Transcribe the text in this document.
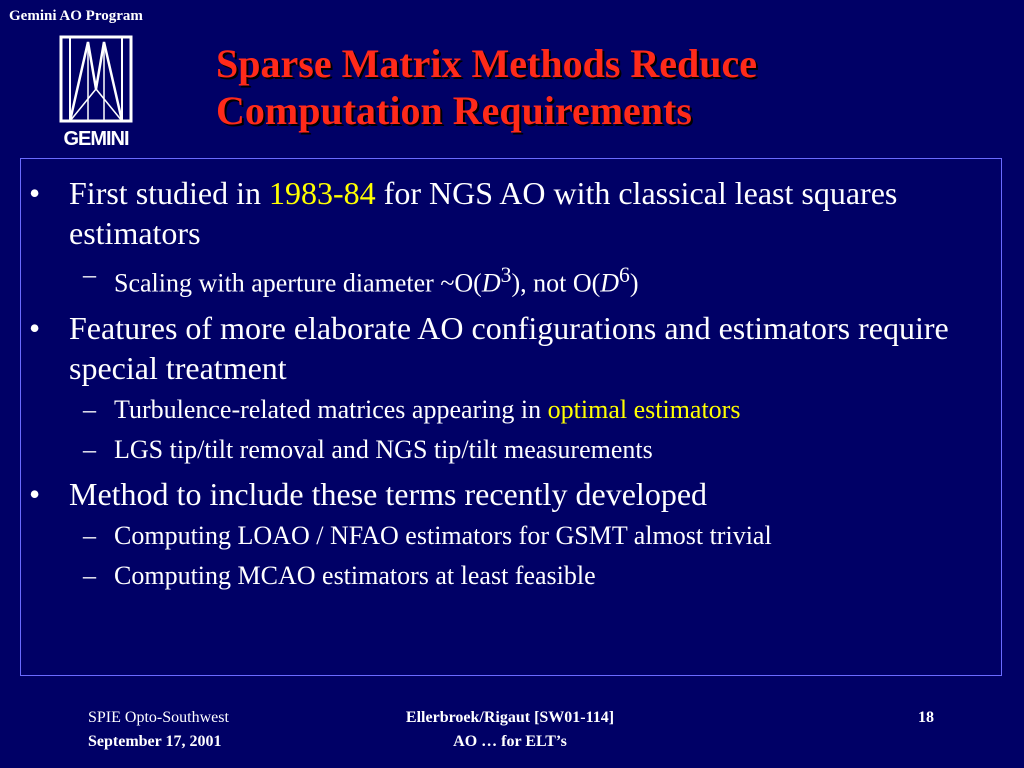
Gemini AO Program
GEMINI
Sparse Matrix Methods Reduce
Computation Requirements
• First studied in 1983-84 for NGS AO with classical least squares estimators
– Scaling with aperture diameter $\sim O(D^3)$, not $O(D^6)$
• Features of more elaborate AO configurations and estimators require special treatment
– Turbulence-related matrices appearing in optimal estimators
– LGS tip/tilt removal and NGS tip/tilt measurements
• Method to include these terms recently developed
– Computing LOAO / NFAO estimators for GSMT almost trivial
– Computing MCAO estimators at least feasible
SPIE Opto-Southwest
September 17, 2001
Ellerbroek/Rigaut [SW01-114]
AO … for ELT’s
18
